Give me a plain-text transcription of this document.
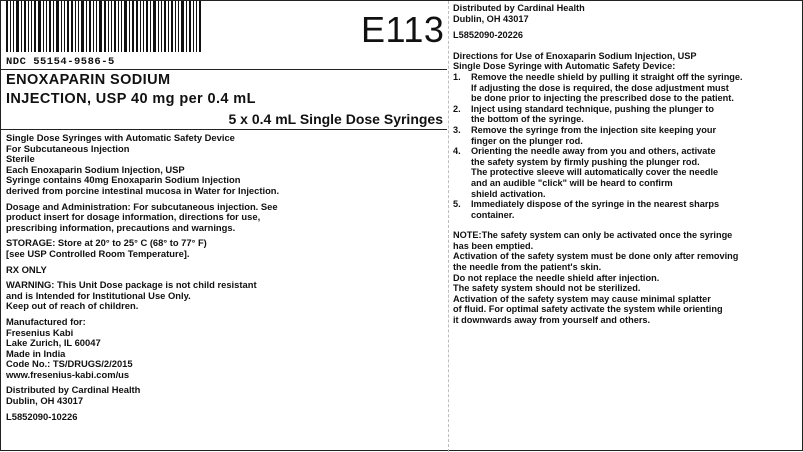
E113
NDC 55154-9586-5
ENOXAPARIN SODIUM
INJECTION, USP 40 mg per 0.4 mL
5 x 0.4 mL Single Dose Syringes

Single Dose Syringes with Automatic Safety Device
For Subcutaneous Injection
Sterile
Each Enoxaparin Sodium Injection, USP
Syringe contains 40mg Enoxaparin Sodium Injection
derived from porcine intestinal mucosa in Water for Injection.

Dosage and Administration: For subcutaneous injection. See
product insert for dosage information, directions for use,
prescribing information, precautions and warnings.

STORAGE: Store at 20° to 25° C (68° to 77° F)
[see USP Controlled Room Temperature].

RX ONLY

WARNING: This Unit Dose package is not child resistant
and is Intended for Institutional Use Only.
Keep out of reach of children.

Manufactured for:
Fresenius Kabi
Lake Zurich, IL 60047
Made in India
Code No.: TS/DRUGS/2/2015
www.fresenius-kabi.com/us

Distributed by Cardinal Health
Dublin, OH 43017

L5852090-10226

Distributed by Cardinal Health
Dublin, OH 43017

L5852090-20226

Directions for Use of Enoxaparin Sodium Injection, USP
Single Dose Syringe with Automatic Safety Device:

1.	Remove the needle shield by pulling it straight off the syringe.
If adjusting the dose is required, the dose adjustment must
be done prior to injecting the prescribed dose to the patient.
2.	Inject using standard technique, pushing the plunger to
the bottom of the syringe.
3.	Remove the syringe from the injection site keeping your
finger on the plunger rod.
4.	Orienting the needle away from you and others, activate
the safety system by firmly pushing the plunger rod.
The protective sleeve will automatically cover the needle
and an audible "click" will be heard to confirm
shield activation.
5.	Immediately dispose of the syringe in the nearest sharps
container.

NOTE:The safety system can only be activated once the syringe
has been emptied.
Activation of the safety system must be done only after removing
the needle from the patient's skin.
Do not replace the needle shield after injection.
The safety system should not be sterilized.
Activation of the safety system may cause minimal splatter
of fluid. For optimal safety activate the system while orienting
it downwards away from yourself and others.
